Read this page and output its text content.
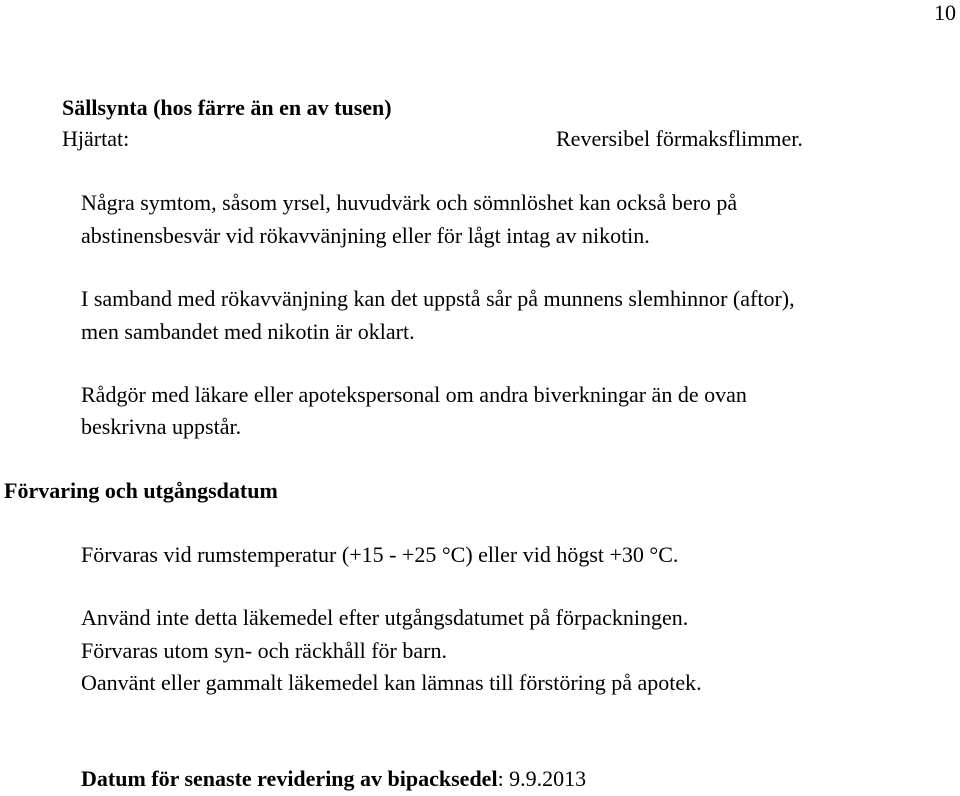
10
Sällsynta (hos färre än en av tusen)
Hjärtat:	Reversibel förmaksflimmer.
Några symtom, såsom yrsel, huvudvärk och sömnlöshet kan också bero på
abstinensbesvär vid rökavvänjning eller för lågt intag av nikotin.
I samband med rökavvänjning kan det uppstå sår på munnens slemhinnor (aftor),
men sambandet med nikotin är oklart.
Rådgör med läkare eller apotekspersonal om andra biverkningar än de ovan
beskrivna uppstår.
Förvaring och utgångsdatum
Förvaras vid rumstemperatur (+15 - +25 °C) eller vid högst +30 °C.
Använd inte detta läkemedel efter utgångsdatumet på förpackningen.
Förvaras utom syn- och räckhåll för barn.
Oanvänt eller gammalt läkemedel kan lämnas till förstöring på apotek.
Datum för senaste revidering av bipacksedel: 9.9.2013
